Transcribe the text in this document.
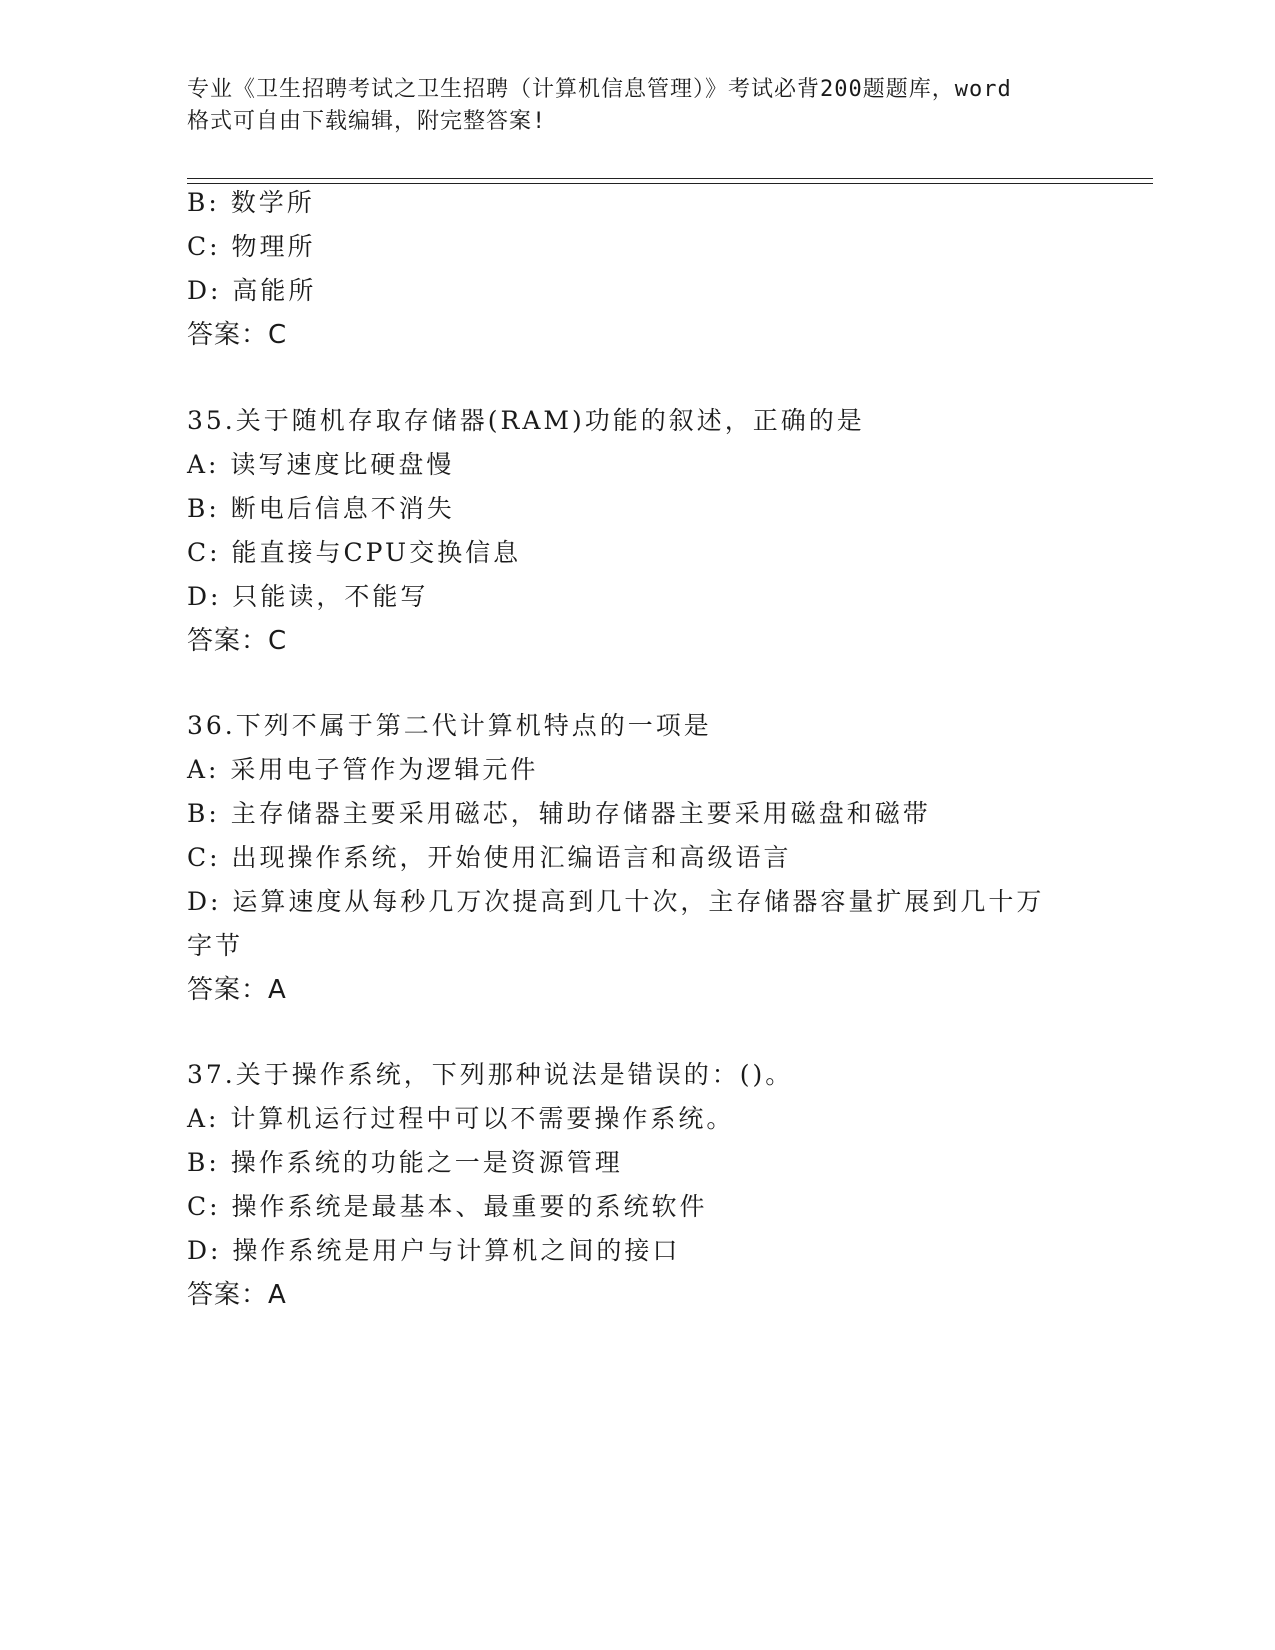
专业《卫生招聘考试之卫生招聘（计算机信息管理）》考试必背200题题库，word
格式可自由下载编辑，附完整答案!
B: 数学所
C: 物理所
D: 高能所
答案：C
35.关于随机存取存储器(RAM)功能的叙述，正确的是
A: 读写速度比硬盘慢
B: 断电后信息不消失
C: 能直接与CPU交换信息
D: 只能读，不能写
答案：C
36.下列不属于第二代计算机特点的一项是
A: 采用电子管作为逻辑元件
B: 主存储器主要采用磁芯，辅助存储器主要采用磁盘和磁带
C: 出现操作系统，开始使用汇编语言和高级语言
D: 运算速度从每秒几万次提高到几十次，主存储器容量扩展到几十万
字节
答案：A
37.关于操作系统，下列那种说法是错误的：()。
A: 计算机运行过程中可以不需要操作系统。
B: 操作系统的功能之一是资源管理
C: 操作系统是最基本、最重要的系统软件
D: 操作系统是用户与计算机之间的接口
答案：A
